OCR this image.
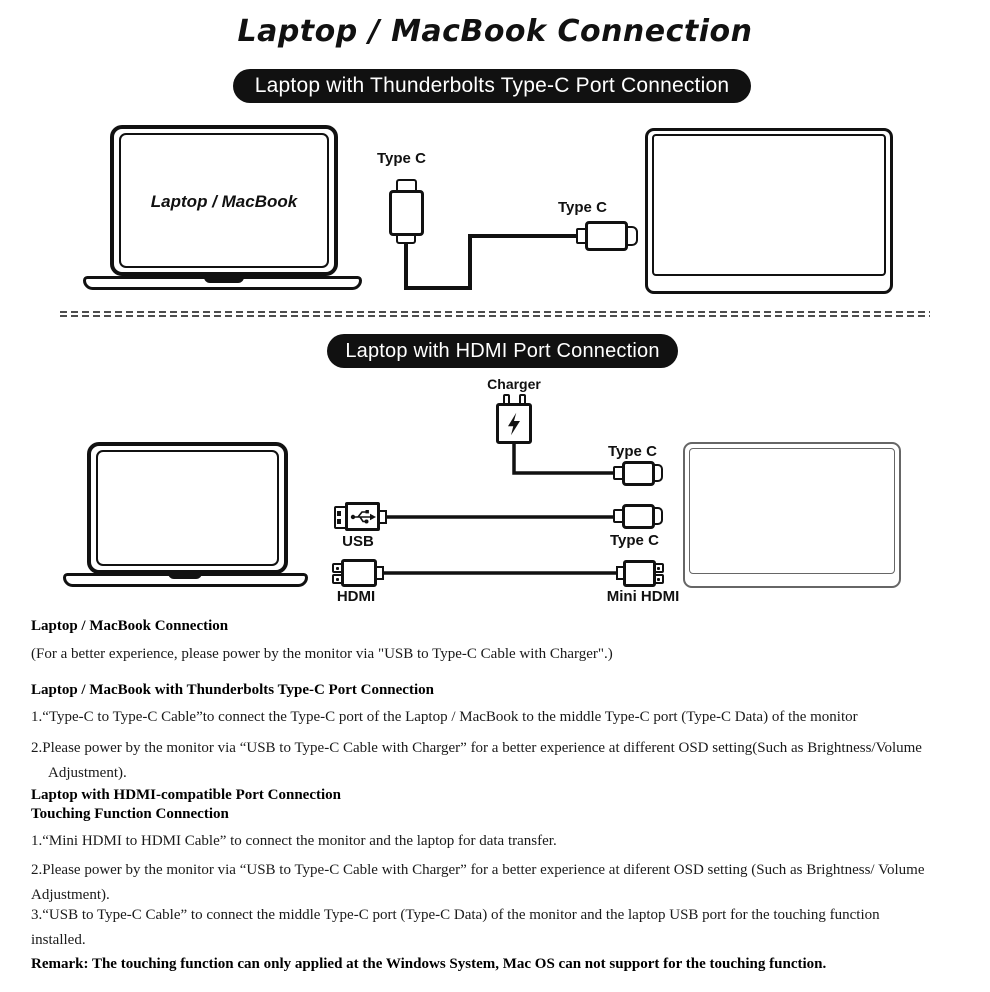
Laptop / MacBook Connection
Laptop with Thunderbolts Type-C Port Connection
Laptop / MacBook
Type C
Type C
Laptop with HDMI Port Connection
Charger
Type C
USB	Type C
HDMI	Mini HDMI
Laptop / MacBook Connection
(For a better experience, please power by the monitor via "USB to Type-C Cable with Charger".)
Laptop / MacBook with Thunderbolts Type-C Port Connection
1.“Type-C to Type-C Cable”to connect the Type-C port of the Laptop / MacBook to the middle Type-C port (Type-C Data) of the monitor
2.Please power by the monitor via “USB to Type-C Cable with Charger” for a better experience at different OSD setting(Such as Brightness/Volume Adjustment).
Laptop with HDMI-compatible Port Connection
Touching Function Connection
1.“Mini HDMI to HDMI Cable” to connect the monitor and the laptop for data transfer.
2.Please power by the monitor via “USB to Type-C Cable with Charger” for a better experience at diferent OSD setting (Such as Brightness/ Volume Adjustment).
3.“USB to Type-C Cable” to connect the middle Type-C port (Type-C Data) of the monitor and the laptop USB port for the touching function installed.
Remark: The touching function can only applied at the Windows System, Mac OS can not support for the touching function.
